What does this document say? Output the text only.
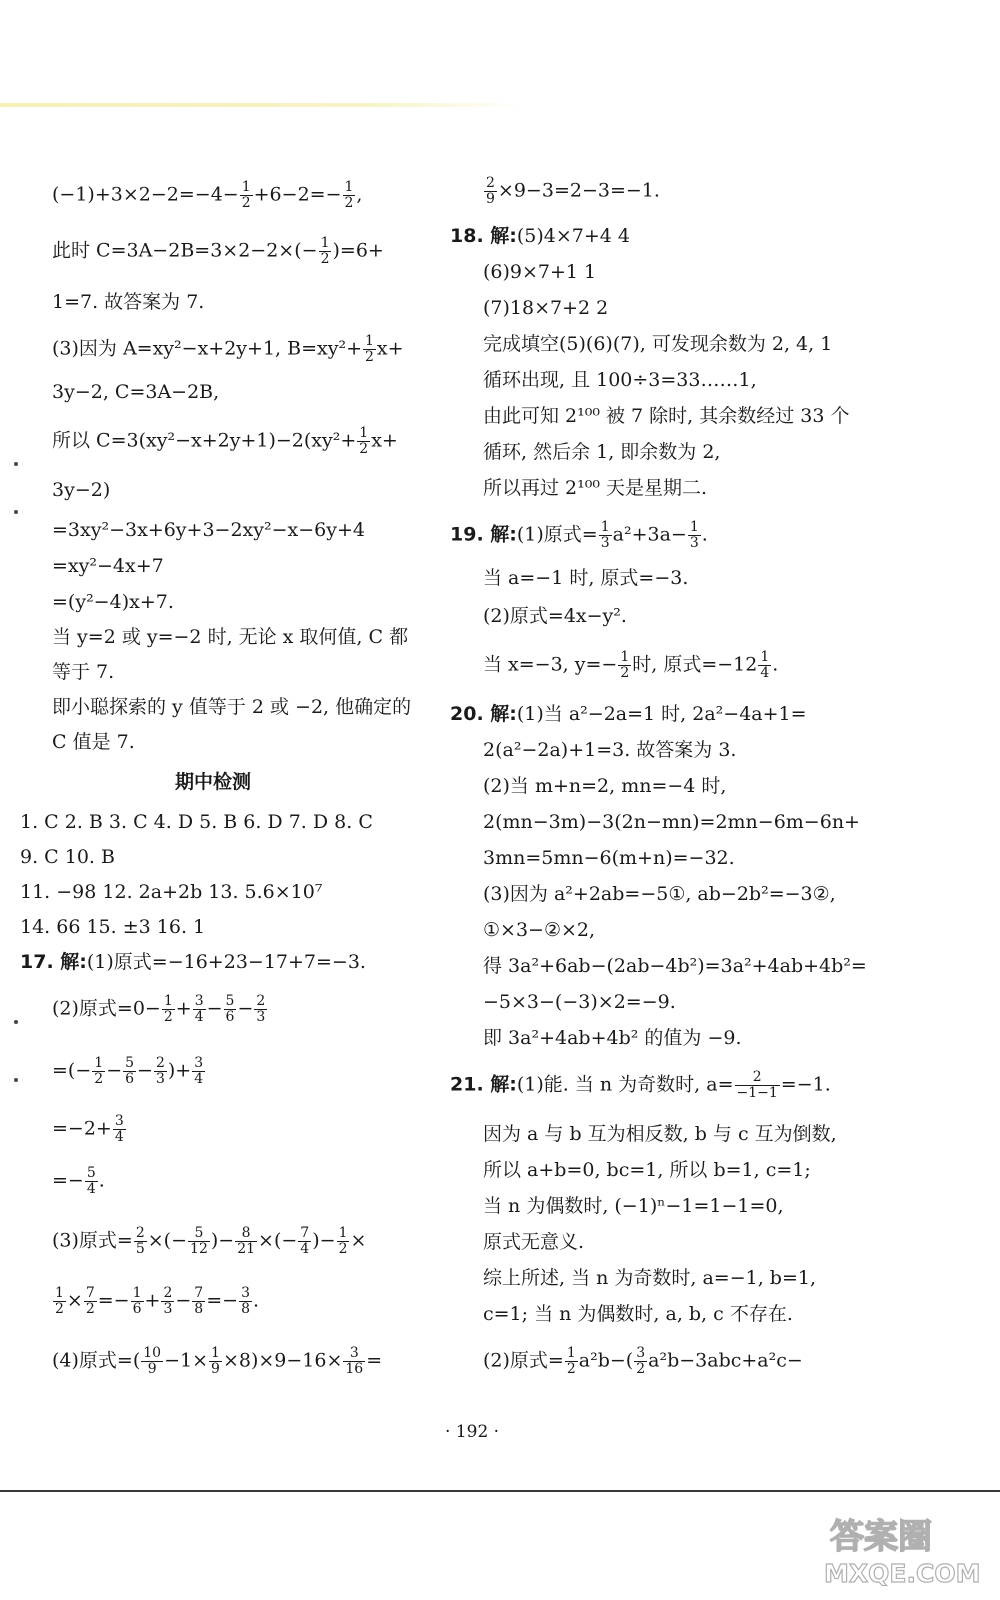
$(-1)+3\times 2-2=-4- \frac{1}{2} +6-2=- \frac{1}{2}$ ,
此时 $C=3A-2B=3\times 2-2\times(- \frac{1}{2} )=6+$
1=7. 故答案为 7.
(3)因为 A=xy²−x+2y+1, $B=xy^2+ \frac{1}{2} x+$
3y−2, C=3A−2B,
所以 $C=3(xy^2-x+2y+1)-2(xy^2+ \frac{1}{2} x+$
3y−2)
=3xy²−3x+6y+3−2xy²−x−6y+4
=xy²−4x+7
=(y²−4)x+7.
当 y=2 或 y=−2 时, 无论 x 取何值, C 都
等于 7.
即小聪探索的 y 值等于 2 或 −2, 他确定的
C 值是 7.
期中检测
1. C 2. B 3. C 4. D 5. B 6. D 7. D 8. C
9. C 10. B
11. −98 12. 2a+2b 13. 5.6×10⁷
14. 66 15. ±3 16. 1
17. 解:(1)原式=−16+23−17+7=−3.
(2)原式$=0- \frac{1}{2} + \frac{3}{4} - \frac{5}{6} - \frac{2}{3}$
=(− $\frac{1}{2} - \frac{5}{6} - \frac{2}{3}$ )+ $\frac{3}{4}$
$=-2+ \frac{3}{4}$
=− $\frac{5}{4}$ .
(3)原式= $\frac{2}{5}$ ×(− $\frac{5}{12}$ )− $\frac{8}{21}$ ×(− $\frac{7}{4}$ )− $\frac{1}{2}$ ×
$\frac{1}{2} \times \frac{7}{2} =- \frac{1}{6} + \frac{2}{3} - \frac{7}{8} =- \frac{3}{8}$ .
(4)原式=( $\frac{10}{9} -1\times \frac{1}{9} \times 8)\times 9-16\times \frac{3}{16}$ =
$\frac{2}{9} \times 9-3=2-3=-1$.
18. 解:(5)4×7+4 4
(6)9×7+1 1
(7)18×7+2 2
完成填空(5)(6)(7), 可发现余数为 2, 4, 1
循环出现, 且 100÷3=33……1,
由此可知 2¹⁰⁰ 被 7 除时, 其余数经过 33 个
循环, 然后余 1, 即余数为 2,
所以再过 2¹⁰⁰ 天是星期二.
19. 解:(1)原式= $\frac{1}{3} a^2+3a- \frac{1}{3}$ .
当 a=−1 时, 原式=−3.
(2)原式=4x−y².
当 x=−3, $y=- \frac{1}{2}$ 时, 原式$=-12 \frac{1}{4}$ .
20. 解:(1)当 a²−2a=1 时, 2a²−4a+1=
2(a²−2a)+1=3. 故答案为 3.
(2)当 m+n=2, mn=−4 时,
2(mn−3m)−3(2n−mn)=2mn−6m−6n+
3mn=5mn−6(m+n)=−32.
(3)因为 a²+2ab=−5①, ab−2b²=−3②,
①×3−②×2,
得 3a²+6ab−(2ab−4b²)=3a²+4ab+4b²=
−5×3−(−3)×2=−9.
即 3a²+4ab+4b² 的值为 −9.
21. 解:(1)能. 当 n 为奇数时, $a= \frac{2}{-1-1} =-1$.
因为 a 与 b 互为相反数, b 与 c 互为倒数,
所以 a+b=0, bc=1, 所以 b=1, c=1;
当 n 为偶数时, (−1)ⁿ−1=1−1=0,
原式无意义.
综上所述, 当 n 为奇数时, a=−1, b=1,
c=1; 当 n 为偶数时, a, b, c 不存在.
(2)原式= $\frac{1}{2} a^2b-( \frac{3}{2} a^2b-3abc+a^2c-$
· 192 ·
答案圈
MXQE.COM
